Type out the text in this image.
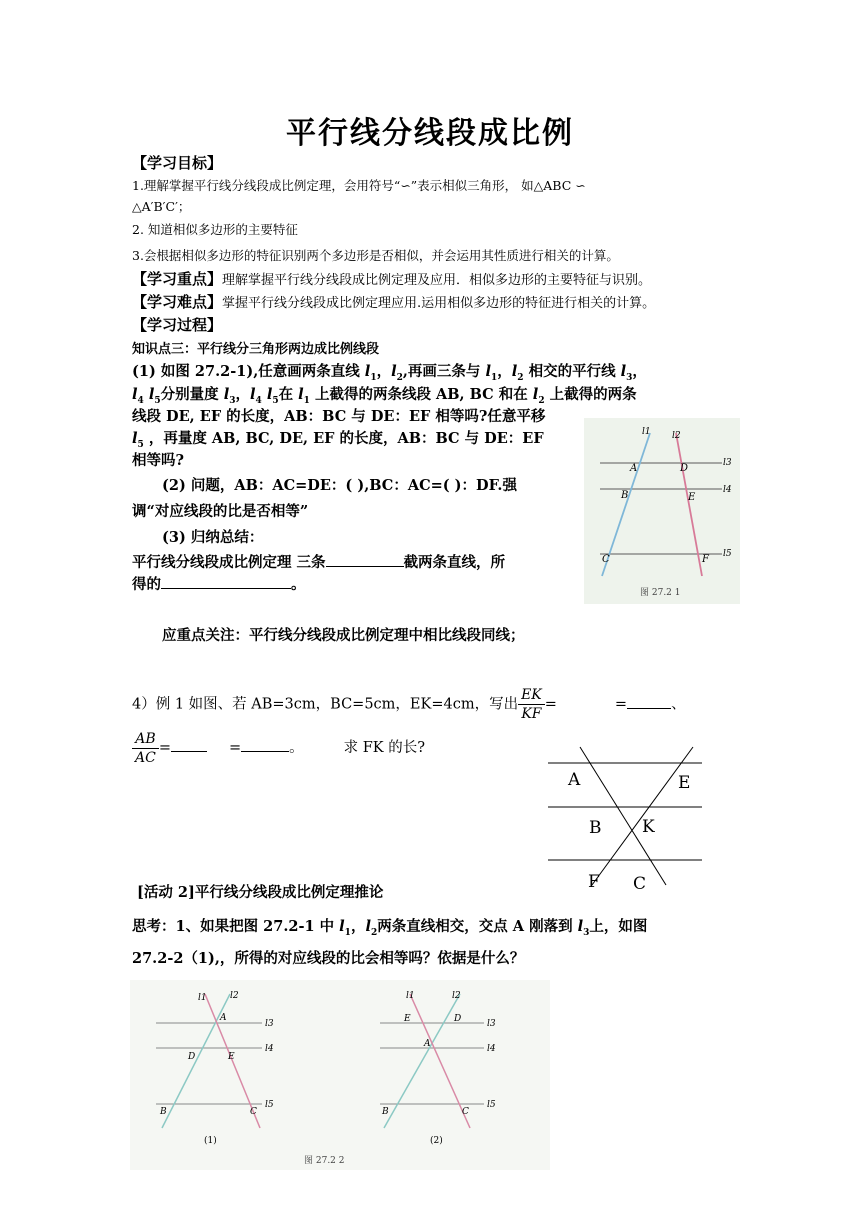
平行线分线段成比例
【学习目标】
1.理解掌握平行线分线段成比例定理，会用符号“∽”表示相似三角形， 如△ABC ∽
△A′B′C′；
2. 知道相似多边形的主要特征
3.会根据相似多边形的特征识别两个多边形是否相似，并会运用其性质进行相关的计算。
【学习重点】理解掌握平行线分线段成比例定理及应用．相似多边形的主要特征与识别。
【学习难点】掌握平行线分线段成比例定理应用.运用相似多边形的特征进行相关的计算。
【学习过程】
知识点三：平行线分三角形两边成比例线段
(1) 如图 27.2-1),任意画两条直线 $l_1$，$l_2$,再画三条与 $l_1$，$l_2$ 相交的平行线 $l_3$，
$l_4$ $l_5$分别量度 $l_3$，$l_4$ $l_5$在 $l_1$ 上截得的两条线段 AB, BC 和在 $l_2$ 上截得的两条
线段 DE, EF 的长度，AB：BC 与 DE：EF 相等吗?任意平移
$l_5$ ，再量度 AB, BC, DE, EF 的长度，AB：BC 与 DE：EF
相等吗?
(2) 问题，AB：AC=DE：( ),BC：AC=( )：DF.强
调“对应线段的比是否相等”
(3) 归纳总结：
平行线分线段成比例定理 三条	截两条直线，所
得的	。
应重点关注：平行线分线段成比例定理中相比线段同线；
l1 l2
l3
l4
l5
A	D
B	E
C	F
图 27.2 1
4）例 1 如图、若 AB=3cm，BC=5cm，EK=4cm，写出 $\frac{EK}{KF}$ =	=	、
$\frac{AB}{AC}$ =	=	。	求 FK 的长?
A	E
B K
F C
[活动 2]平行线分线段成比例定理推论
思考：1、如果把图 27.2-1 中 $l_1$，$l_2$两条直线相交，交点 A 刚落到 $l_3$上，如图
27.2-2（1),，所得的对应线段的比会相等吗？依据是什么？
l1	l2
l3
l4
l5
A
D	E
B	C
(1)
l1	l2
l3
l4
l5
E	D
A
B	C
(2)
图 27.2 2
